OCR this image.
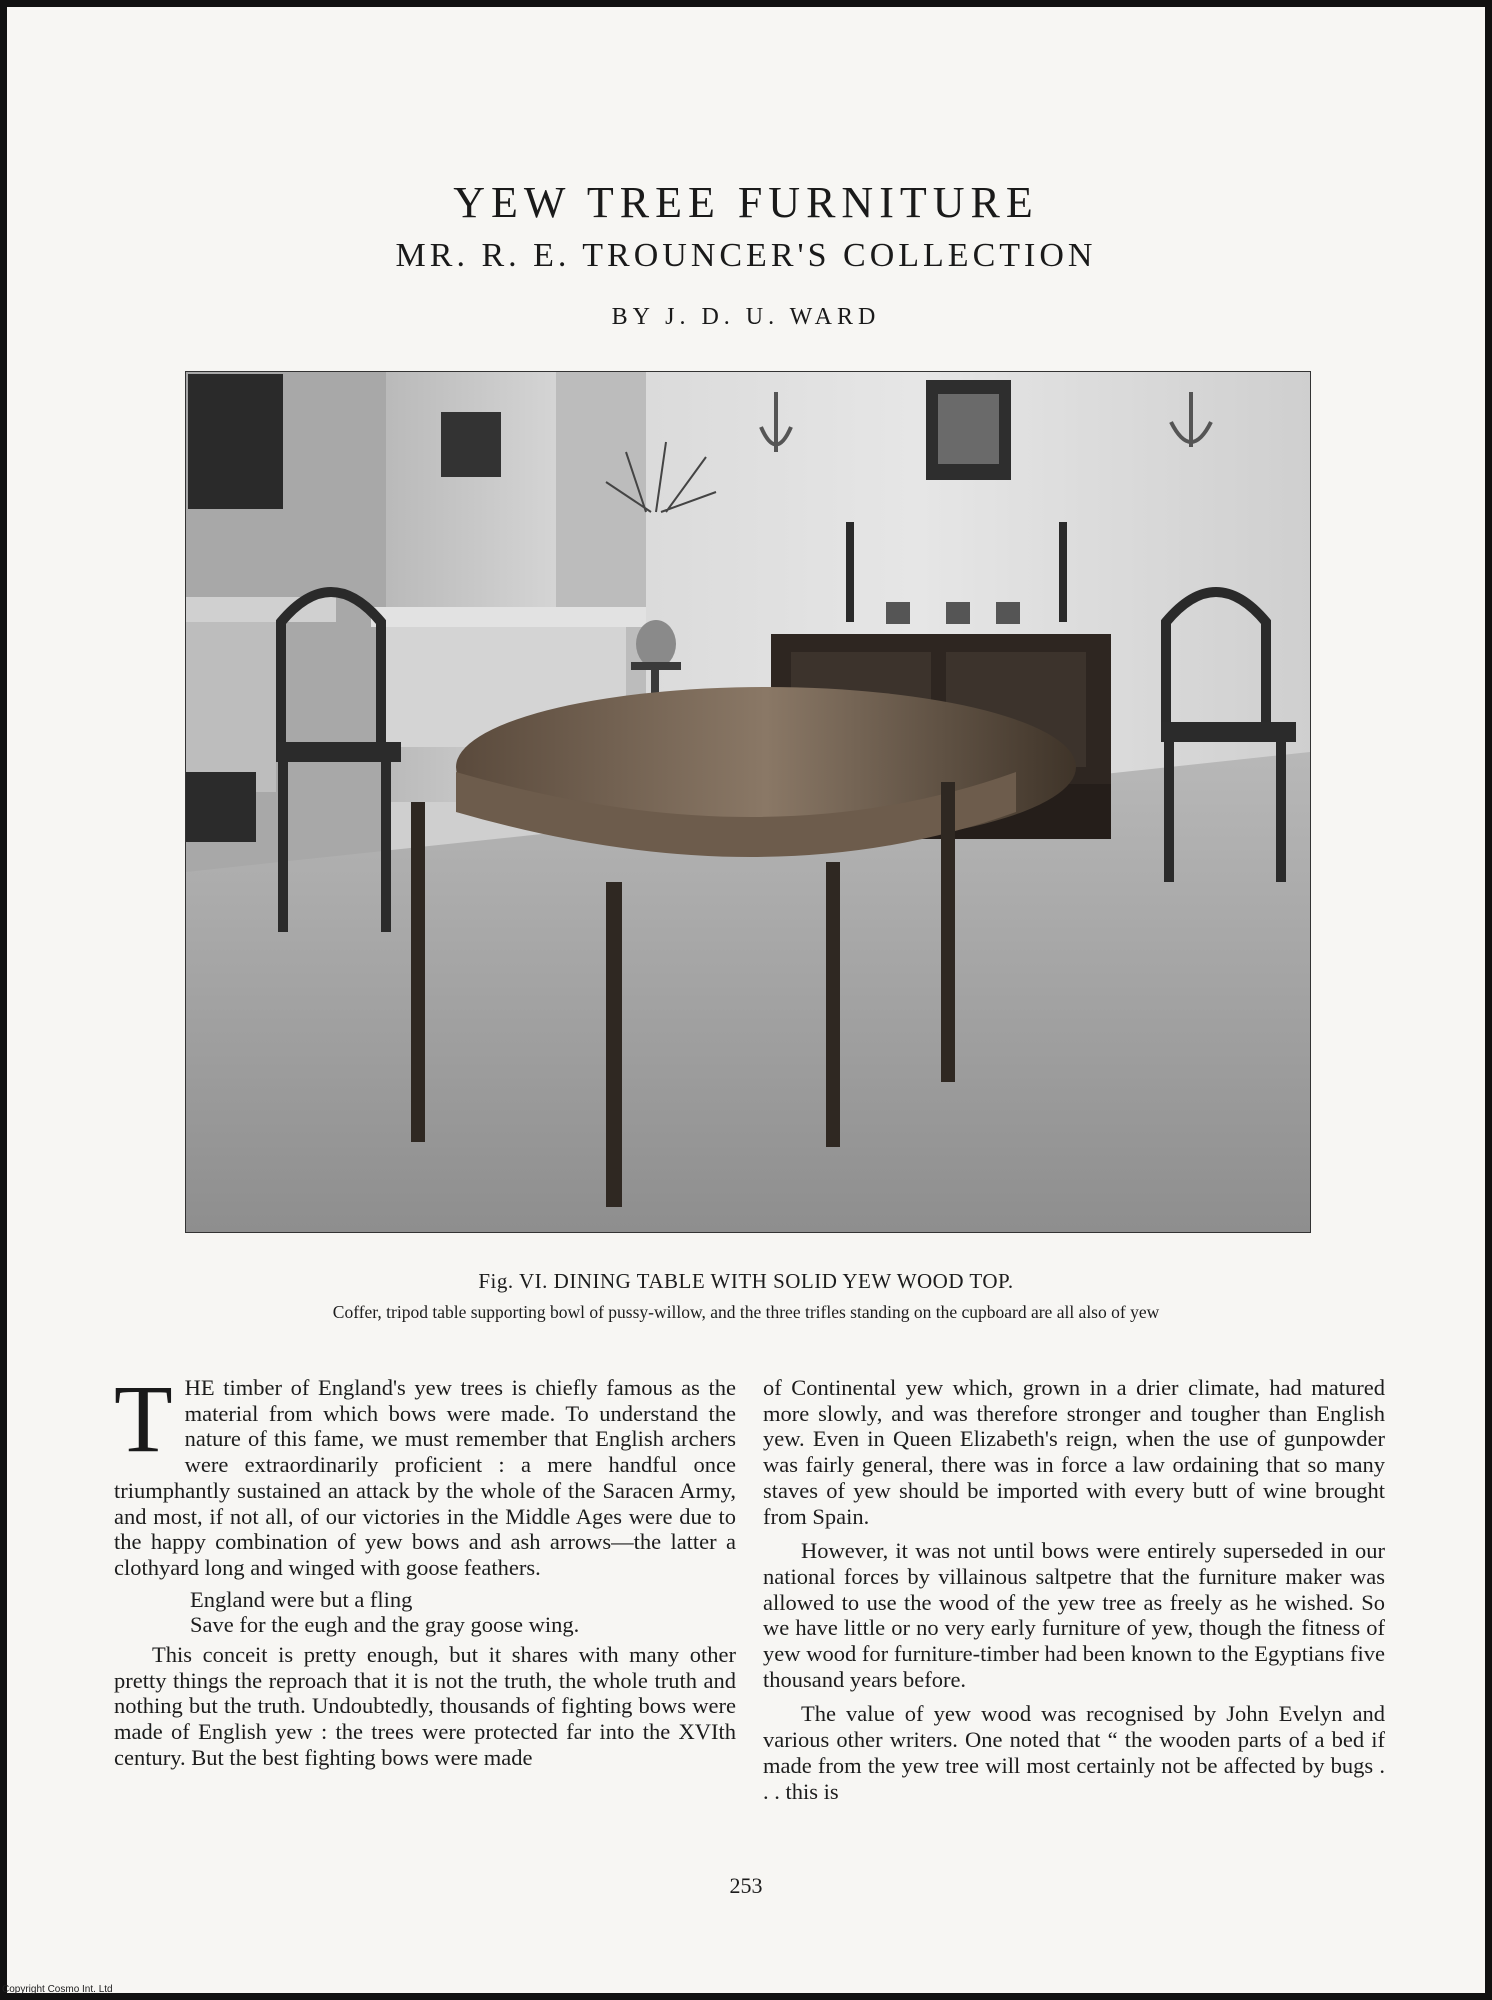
YEW TREE FURNITURE
MR. R. E. TROUNCER'S COLLECTION
BY J. D. U. WARD
Fig. VI. DINING TABLE WITH SOLID YEW WOOD TOP.
Coffer, tripod table supporting bowl of pussy-willow, and the three trifles standing on the cupboard are all also of yew

THE timber of England's yew trees is chiefly famous as the material from which bows were made. To understand the nature of this fame, we must remember that English archers were extraordinarily proficient : a mere handful once triumphantly sustained an attack by the whole of the Saracen Army, and most, if not all, of our victories in the Middle Ages were due to the happy combination of yew bows and ash arrows—the latter a clothyard long and winged with goose feathers.

England were but a fling
Save for the eugh and the gray goose wing.

This conceit is pretty enough, but it shares with many other pretty things the reproach that it is not the truth, the whole truth and nothing but the truth. Undoubtedly, thousands of fighting bows were made of English yew : the trees were protected far into the XVIth century. But the best fighting bows were made

of Continental yew which, grown in a drier climate, had matured more slowly, and was therefore stronger and tougher than English yew. Even in Queen Elizabeth's reign, when the use of gunpowder was fairly general, there was in force a law ordaining that so many staves of yew should be imported with every butt of wine brought from Spain.

However, it was not until bows were entirely superseded in our national forces by villainous saltpetre that the furniture maker was allowed to use the wood of the yew tree as freely as he wished. So we have little or no very early furniture of yew, though the fitness of yew wood for furniture-timber had been known to the Egyptians five thousand years before.

The value of yew wood was recognised by John Evelyn and various other writers. One noted that “ the wooden parts of a bed if made from the yew tree will most certainly not be affected by bugs . . . this is

253
Copyright Cosmo Int. Ltd
